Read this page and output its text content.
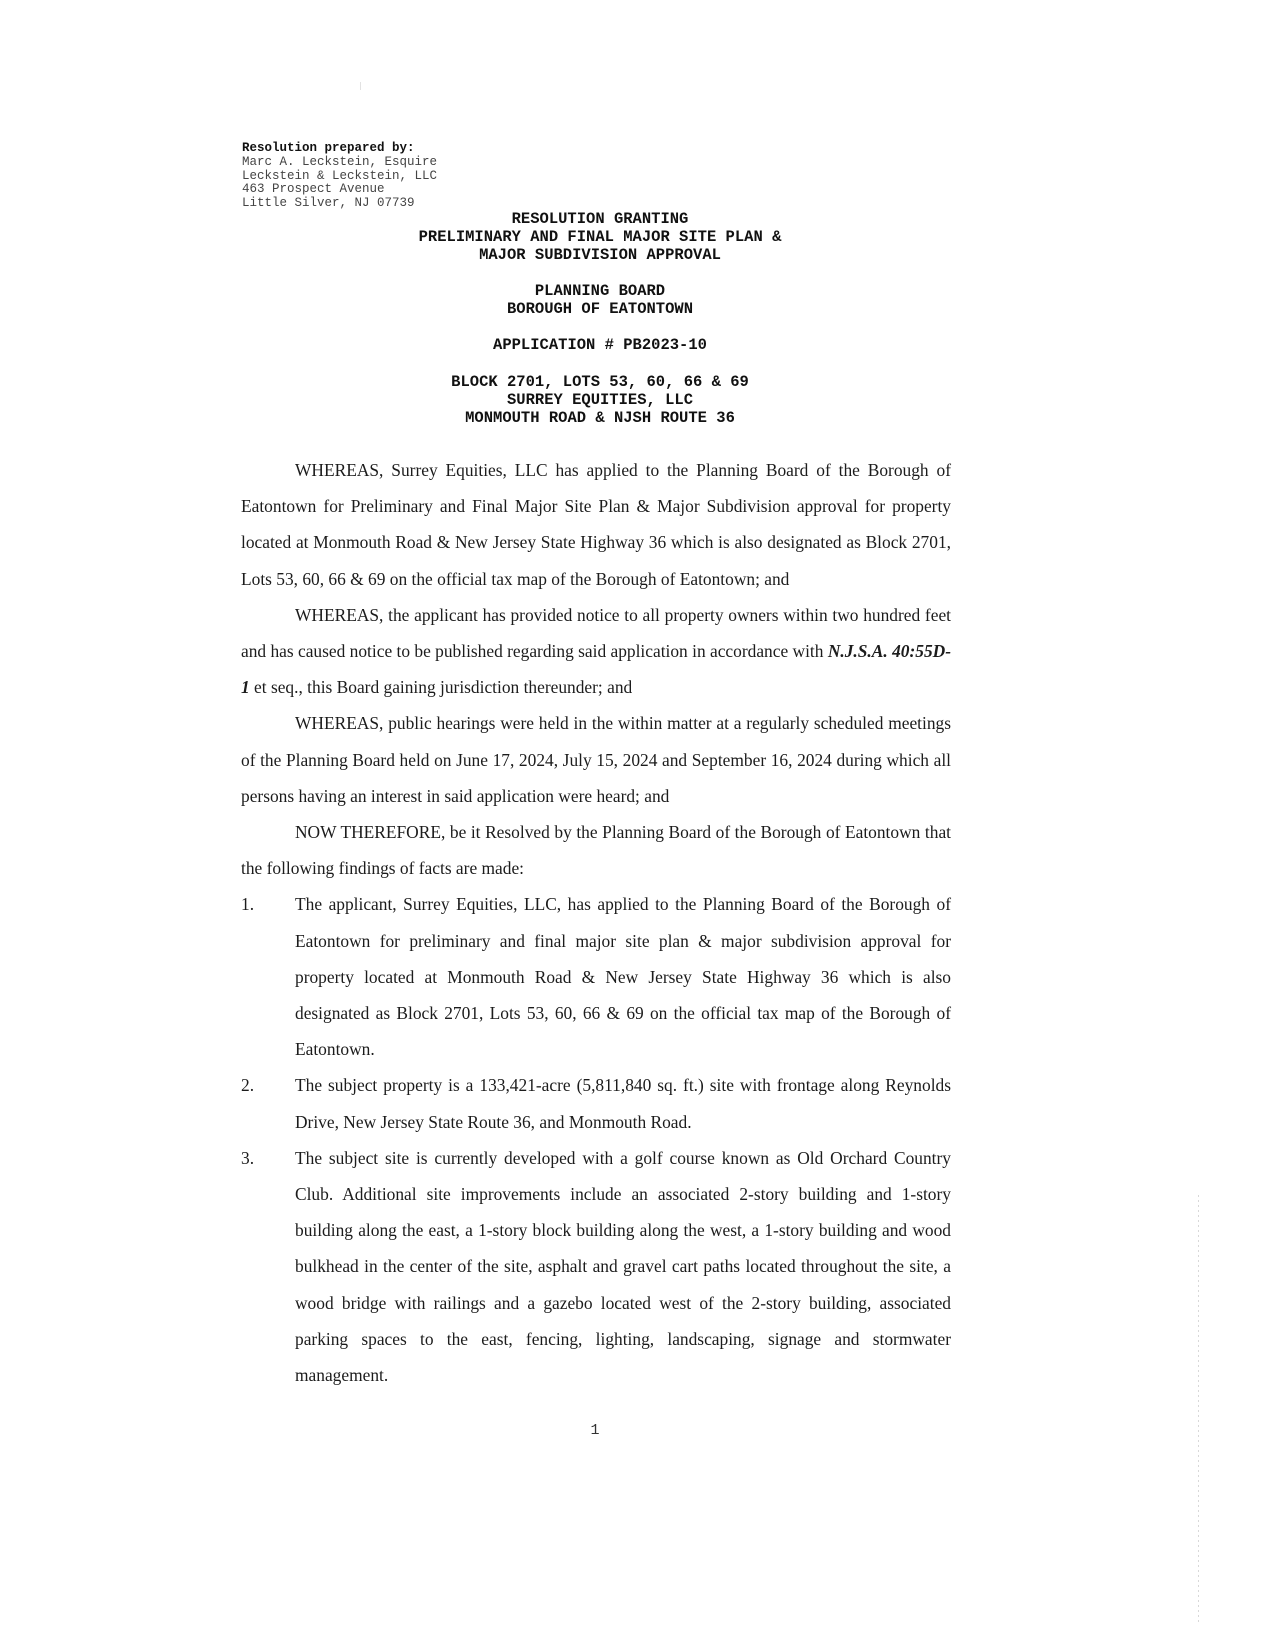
Resolution prepared by:
Marc A. Leckstein, Esquire
Leckstein & Leckstein, LLC
463 Prospect Avenue
Little Silver, NJ 07739
RESOLUTION GRANTING
PRELIMINARY AND FINAL MAJOR SITE PLAN &
MAJOR SUBDIVISION APPROVAL
PLANNING BOARD
BOROUGH OF EATONTOWN
APPLICATION # PB2023-10
BLOCK 2701, LOTS 53, 60, 66 & 69
SURREY EQUITIES, LLC
MONMOUTH ROAD & NJSH ROUTE 36

WHEREAS, Surrey Equities, LLC has applied to the Planning Board of the Borough of Eatontown for Preliminary and Final Major Site Plan & Major Subdivision approval for property located at Monmouth Road & New Jersey State Highway 36 which is also designated as Block 2701, Lots 53, 60, 66 & 69 on the official tax map of the Borough of Eatontown; and

WHEREAS, the applicant has provided notice to all property owners within two hundred feet and has caused notice to be published regarding said application in accordance with N.J.S.A. 40:55D-1 et seq., this Board gaining jurisdiction thereunder; and

WHEREAS, public hearings were held in the within matter at a regularly scheduled meetings of the Planning Board held on June 17, 2024, July 15, 2024 and September 16, 2024 during which all persons having an interest in said application were heard; and

NOW THEREFORE, be it Resolved by the Planning Board of the Borough of Eatontown that the following findings of facts are made:

1. The applicant, Surrey Equities, LLC, has applied to the Planning Board of the Borough of Eatontown for preliminary and final major site plan & major subdivision approval for property located at Monmouth Road & New Jersey State Highway 36 which is also designated as Block 2701, Lots 53, 60, 66 & 69 on the official tax map of the Borough of Eatontown.

2. The subject property is a 133,421-acre (5,811,840 sq. ft.) site with frontage along Reynolds Drive, New Jersey State Route 36, and Monmouth Road.

3. The subject site is currently developed with a golf course known as Old Orchard Country Club. Additional site improvements include an associated 2-story building and 1-story building along the east, a 1-story block building along the west, a 1-story building and wood bulkhead in the center of the site, asphalt and gravel cart paths located throughout the site, a wood bridge with railings and a gazebo located west of the 2-story building, associated parking spaces to the east, fencing, lighting, landscaping, signage and stormwater management.

1
